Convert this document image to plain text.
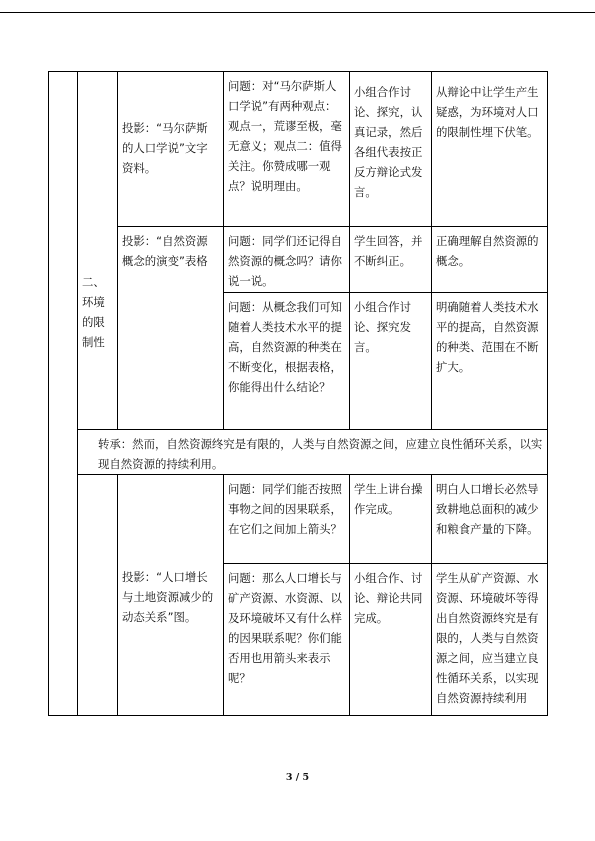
	二、
环境
的限
制性	投影：“马尔萨斯的人口学说”文字资料。	问题：对“马尔萨斯人口学说”有两种观点：观点一，荒谬至极，毫无意义；观点二：值得关注。你赞成哪一观点？说明理由。	小组合作讨论、探究，认真记录，然后各组代表按正反方辩论式发言。	从辩论中让学生产生疑惑，为环境对人口的限制性埋下伏笔。
		投影：“自然资源概念的演变”表格	问题：同学们还记得自然资源的概念吗？请你说一说。	学生回答，并不断纠正。	正确理解自然资源的概念。
			问题：从概念我们可知随着人类技术水平的提高，自然资源的种类在不断变化，根据表格，你能得出什么结论？	小组合作讨论、探究发言。	明确随着人类技术水平的提高，自然资源的种类、范围在不断扩大。

	转承：然而，自然资源终究是有限的，人类与自然资源之间，应建立良性循环关系，以实现自然资源的持续利用。				

		投影：“人口增长与土地资源减少的动态关系”图。	问题：同学们能否按照事物之间的因果联系，在它们之间加上箭头？	学生上讲台操作完成。	明白人口增长必然导致耕地总面积的减少和粮食产量的下降。
			问题：那么人口增长与矿产资源、水资源、以及环境破坏又有什么样的因果联系呢？你们能否用也用箭头来表示呢？	小组合作、讨论、辩论共同完成。	学生从矿产资源、水资源、环境破坏等得出自然资源终究是有限的，人类与自然资源之间，应当建立良性循环关系，以实现自然资源持续利用
3 / 5
